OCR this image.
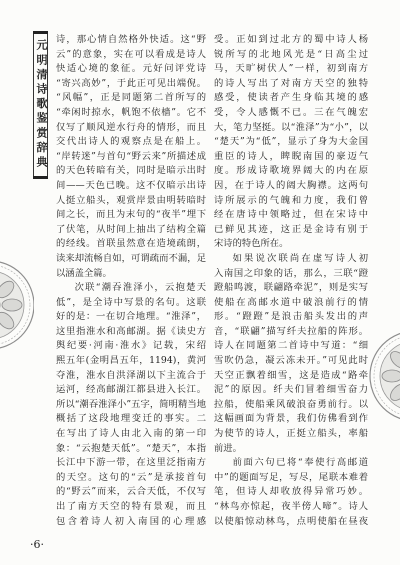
元明清诗歌鉴赏辞典 诗，那心情自然格外快适。这“野
云”的意象，实在可以看成是诗人
快适心境的象征。元好问评党诗
“寄兴高妙”，于此正可见出端倪。
“风幅”，正是同题第二首所写的
“牵闲时掠水，帆饱不依樯”。它不
仅写了顺风逆水行舟的情形，而且
交代出诗人的观察点是在船上。
“岸转迷”与首句“野云来”所描述成
的天色转暗有关，同时是暗示出时
间——天色已晚。这不仅暗示出诗
人挺立船头，观赏岸景由明转暗时
间之长，而且为末句的“夜半”埋下
了伏笔，从时间上抽出了结构全篇
的经线。首联虽然意在造境疏朗，
读来却流畅自如，可谓疏而不漏，足
以涵盖全篇。
次联“潮吞淮泽小，云抱楚天
低”，是全诗中写景的名句。这联
好的是：一在切合地理。“淮泽”，
这里指淮水和高邮湖。据《读史方
舆纪要·河南·淮水》记载，宋绍
熙五年(金明昌五年，1194)，黄河
夺淮，淮水自洪泽湖以下主流合于
运河，经高邮湖江都县进入长江。
所以“潮吞淮泽小”五字，简明精当地
概括了这段地理变迁的事实。二
在写出了诗人由北入南的第一印
象：“云抱楚天低”。“楚天”，本指
长江中下游一带，在这里泛指南方
的天空。这句的“云”是承接首句
的“野云”而来，云合天低，不仅写
出了南方天空的特有景观，而且
包含着诗人初入南国的心理感
受。正如到过北方的蜀中诗人杨
锐所写的北地风光是“日高尘过
马，天旷树伏人”一样，初到南方
的诗人写出了对南方天空的独特
感受，使读者产生身临其境的感
受，令人感慨不已。三在气魄宏
大，笔力坚挺。以“淮泽”为“小”，以
“楚天”为“低”，显示了身为大金国
重臣的诗人，睥睨南国的豪迈气
度。形成诗歌境界阔大的内在原
因，在于诗人的阔大胸襟。这两句
诗所展示的气魄和力度，我们曾
经在唐诗中领略过，但在宋诗中
已鲜见其迹，这正是金诗有别于
宋诗的特色所在。
如果说次联尚在虚写诗人初
入南国之印象的话，那么，三联“蹬
蹬船鸣渡，联翩路牵泥”，则是实写
使船在高邮水道中破浪前行的情
形。“蹬蹬”是浪击船头发出的声
音，“联翩”描写纤夫拉船的阵形。
诗人在同题第二首诗中写道：“细
雪吹仍急，凝云冻未开。”可见此时
天空正飘着细雪，这是造成“路牵
泥”的原因。纤夫们冒着细雪奋力
拉船，使船乘风破浪奋勇前行。以
这幅画面为背景，我们仿佛看到作
为使节的诗人，正挺立船头，率船
前进。
前面六句已将“奉使行高邮道
中”的题面写足，写尽，尾联本难着
笔，但诗人却收放得异常巧妙。
“林鸟亦惊起，夜半傍人啼”。诗人
以使船惊动林鸟，点明使船在昼夜
·6·
